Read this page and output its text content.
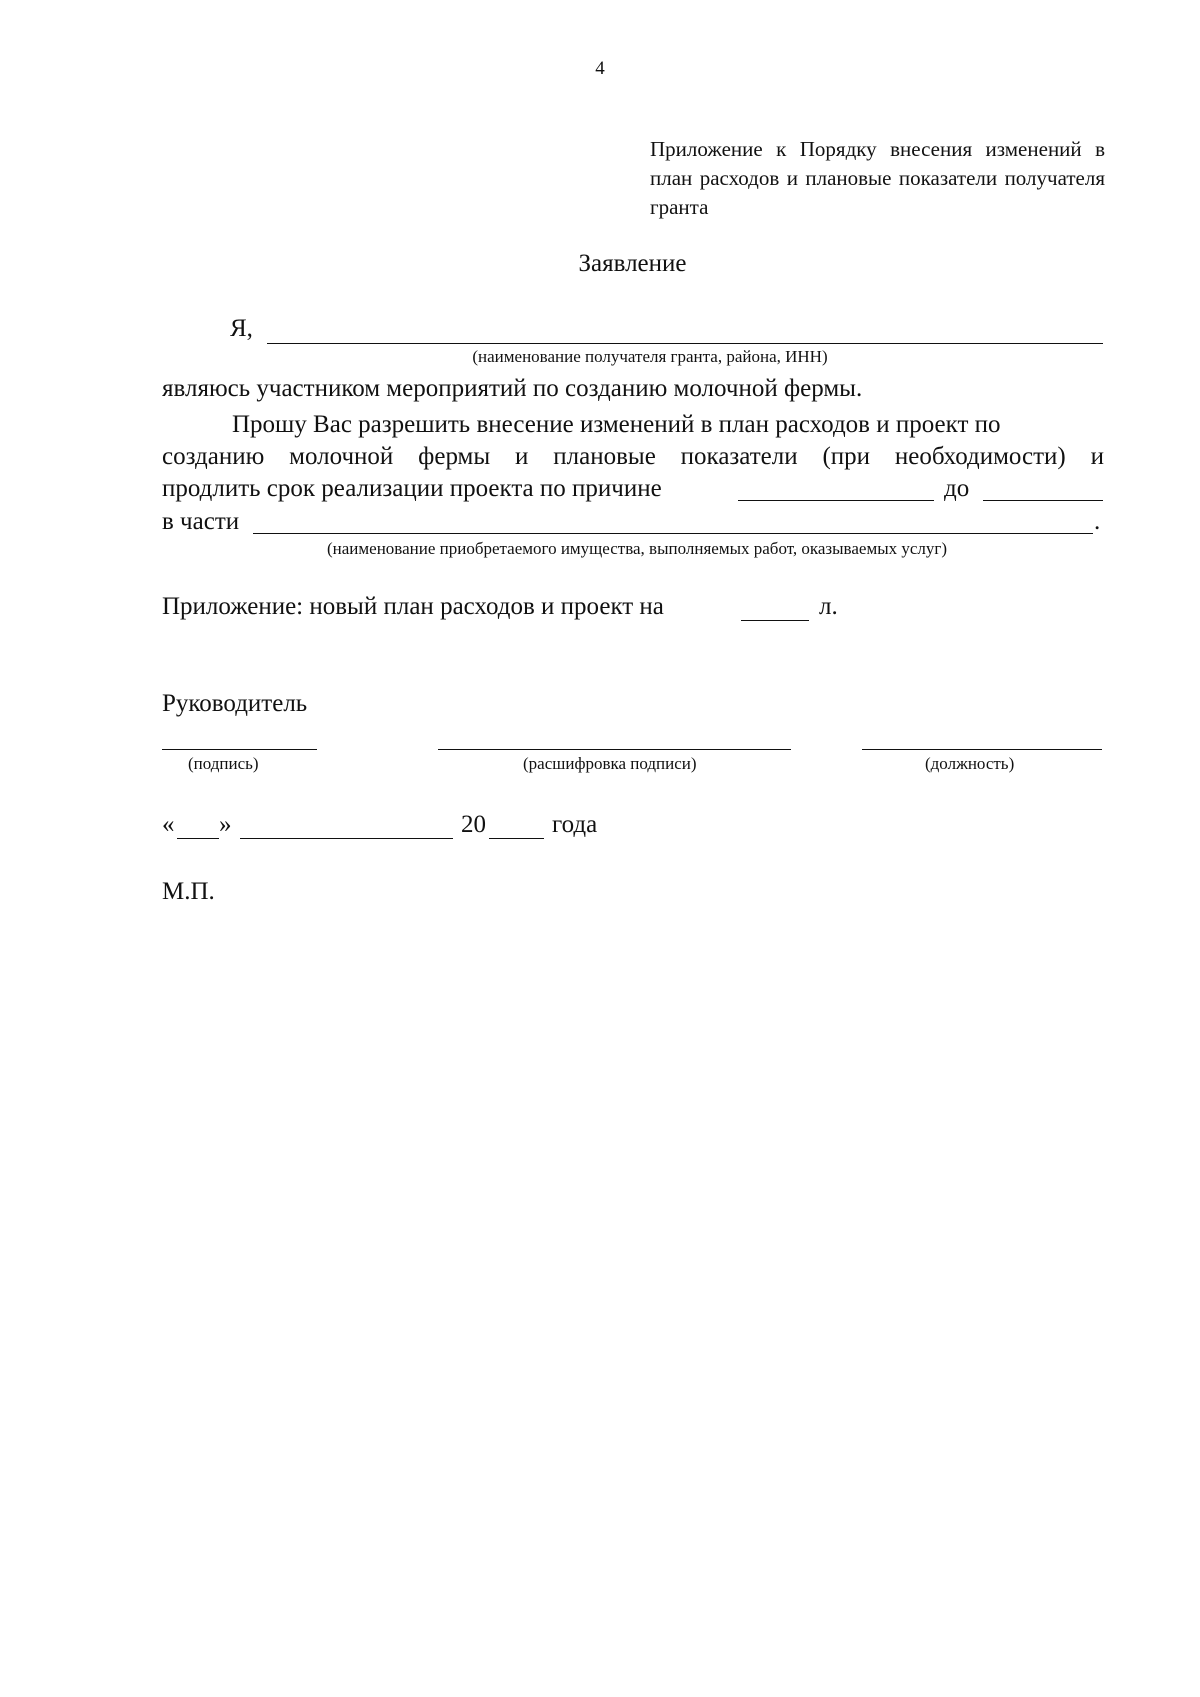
4
Приложение к Порядку внесения изменений в план расходов и плановые показатели получателя гранта
Заявление
Я,
(наименование получателя гранта, района, ИНН)
являюсь участником мероприятий по созданию молочной фермы.
Прошу Вас разрешить внесение изменений в план расходов и проект по
созданию молочной фермы и плановые показатели (при необходимости) и
продлить срок реализации проекта по причине	до
в части	.
(наименование приобретаемого имущества, выполняемых работ, оказываемых услуг)
Приложение: новый план расходов и проект на	л.
Руководитель
(подпись)	(расшифровка подписи)	(должность)
« »	20	года
М.П.
